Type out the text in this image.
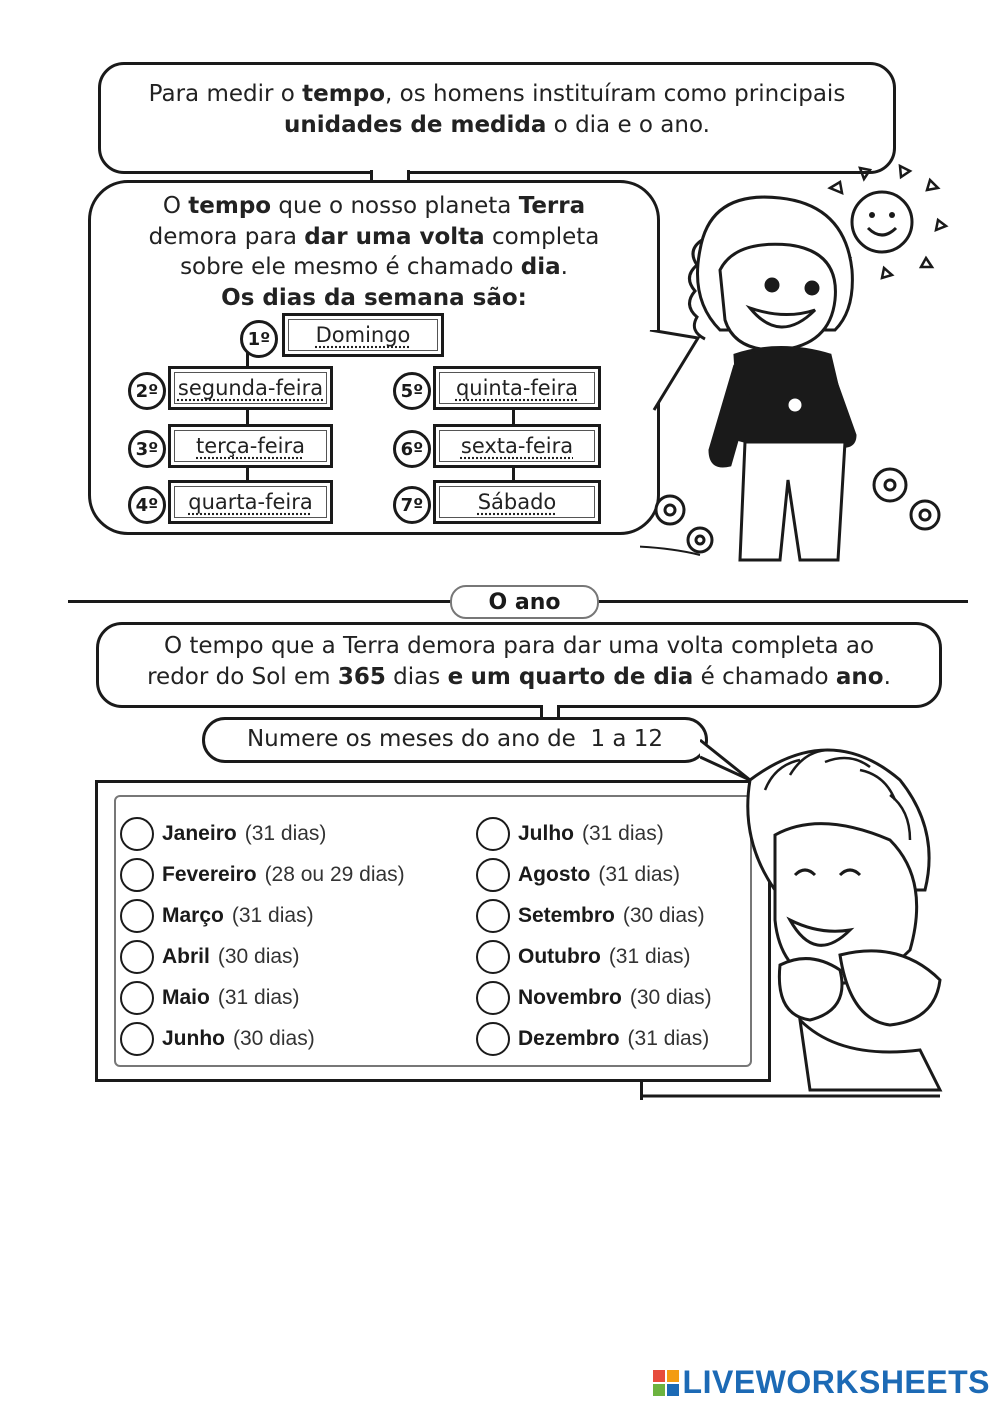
Para medir o tempo, os homens instituíram como principais
unidades de medida o dia e o ano.
O tempo que o nosso planeta Terra
demora para dar uma volta completa
sobre ele mesmo é chamado dia.
Os dias da semana são:
1º	Domingo
2º segunda-feira
3º	terça-feira
4º	quarta-feira
5º	quinta-feira
6º	sexta-feira
7º	Sábado
O ano
O tempo que a Terra demora para dar uma volta completa ao
redor do Sol em 365 dias e um quarto de dia é chamado ano.
Numere os meses do ano de  1 a 12
Janeiro (31 dias)
Fevereiro (28 ou 29 dias)
Março (31 dias)
Abril (30 dias)
Maio (31 dias)
Junho (30 dias)
Julho (31 dias)
Agosto (31 dias)
Setembro (30 dias)
Outubro (31 dias)
Novembro (30 dias)
Dezembro (31 dias)
LIVEWORKSHEETS
